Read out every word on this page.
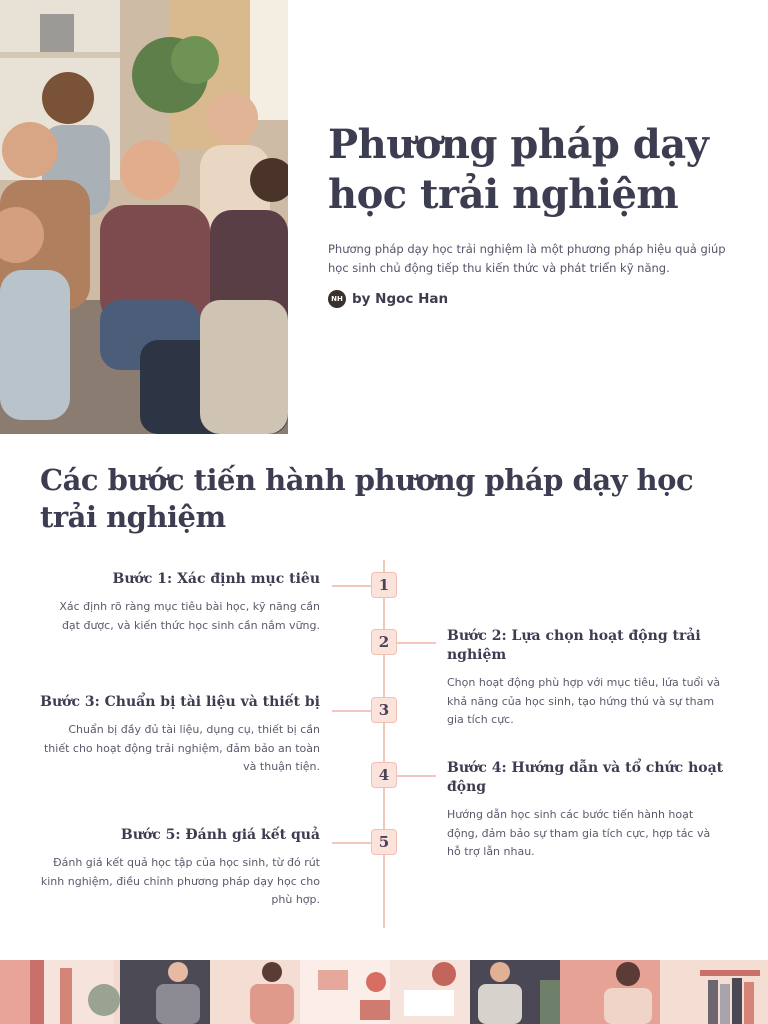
Phương pháp dạy học trải nghiệm

Phương pháp dạy học trải nghiệm là một phương pháp hiệu quả giúp học sinh chủ động tiếp thu kiến thức và phát triển kỹ năng.

NH by Ngoc Han
Các bước tiến hành phương pháp dạy học trải nghiệm
1
Bước 1: Xác định mục tiêu
Xác định rõ ràng mục tiêu bài học, kỹ năng cần đạt được, và kiến thức học sinh cần nắm vững.
2	Bước 2: Lựa chọn hoạt động trải nghiệm
Chọn hoạt động phù hợp với mục tiêu, lứa tuổi và khả năng của học sinh, tạo hứng thú và sự tham gia tích cực.
3
Bước 3: Chuẩn bị tài liệu và thiết bị
Chuẩn bị đầy đủ tài liệu, dụng cụ, thiết bị cần thiết cho hoạt động trải nghiệm, đảm bảo an toàn và thuận tiện.	4	Bước 4: Hướng dẫn và tổ chức hoạt động
Hướng dẫn học sinh các bước tiến hành hoạt động, đảm bảo sự tham gia tích cực, hợp tác và hỗ trợ lẫn nhau.
5
Bước 5: Đánh giá kết quả
Đánh giá kết quả học tập của học sinh, từ đó rút kinh nghiệm, điều chỉnh phương pháp dạy học cho phù hợp.
